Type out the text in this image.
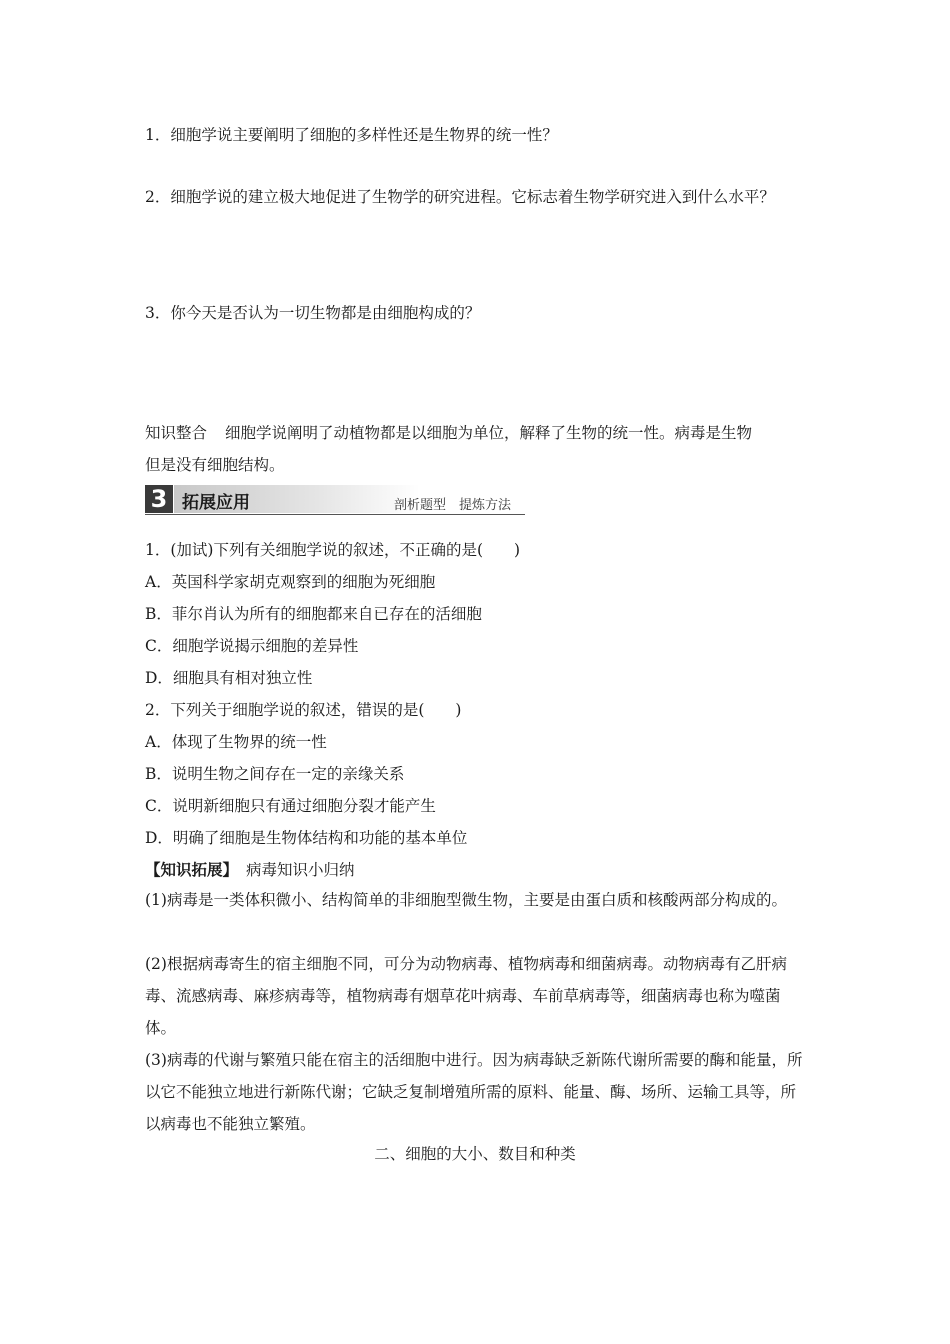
1．细胞学说主要阐明了细胞的多样性还是生物界的统一性？
2．细胞学说的建立极大地促进了生物学的研究进程。它标志着生物学研究进入到什么水平？
3．你今天是否认为一切生物都是由细胞构成的？
知识整合 细胞学说阐明了动植物都是以细胞为单位，解释了生物的统一性。病毒是生物
但是没有细胞结构。
3 拓展应用	剖析题型　提炼方法
1．(加试)下列有关细胞学说的叙述，不正确的是(　　)
A．英国科学家胡克观察到的细胞为死细胞
B．菲尔肖认为所有的细胞都来自已存在的活细胞
C．细胞学说揭示细胞的差异性
D．细胞具有相对独立性
2．下列关于细胞学说的叙述，错误的是(　　)
A．体现了生物界的统一性
B．说明生物之间存在一定的亲缘关系
C．说明新细胞只有通过细胞分裂才能产生
D．明确了细胞是生物体结构和功能的基本单位
【知识拓展】 病毒知识小归纳
(1)病毒是一类体积微小、结构简单的非细胞型微生物，主要是由蛋白质和核酸两部分构成的。
(2)根据病毒寄生的宿主细胞不同，可分为动物病毒、植物病毒和细菌病毒。动物病毒有乙肝病毒、流感病毒、麻疹病毒等，植物病毒有烟草花叶病毒、车前草病毒等，细菌病毒也称为噬菌体。
(3)病毒的代谢与繁殖只能在宿主的活细胞中进行。因为病毒缺乏新陈代谢所需要的酶和能量，所以它不能独立地进行新陈代谢；它缺乏复制增殖所需的原料、能量、酶、场所、运输工具等，所以病毒也不能独立繁殖。
二、细胞的大小、数目和种类
